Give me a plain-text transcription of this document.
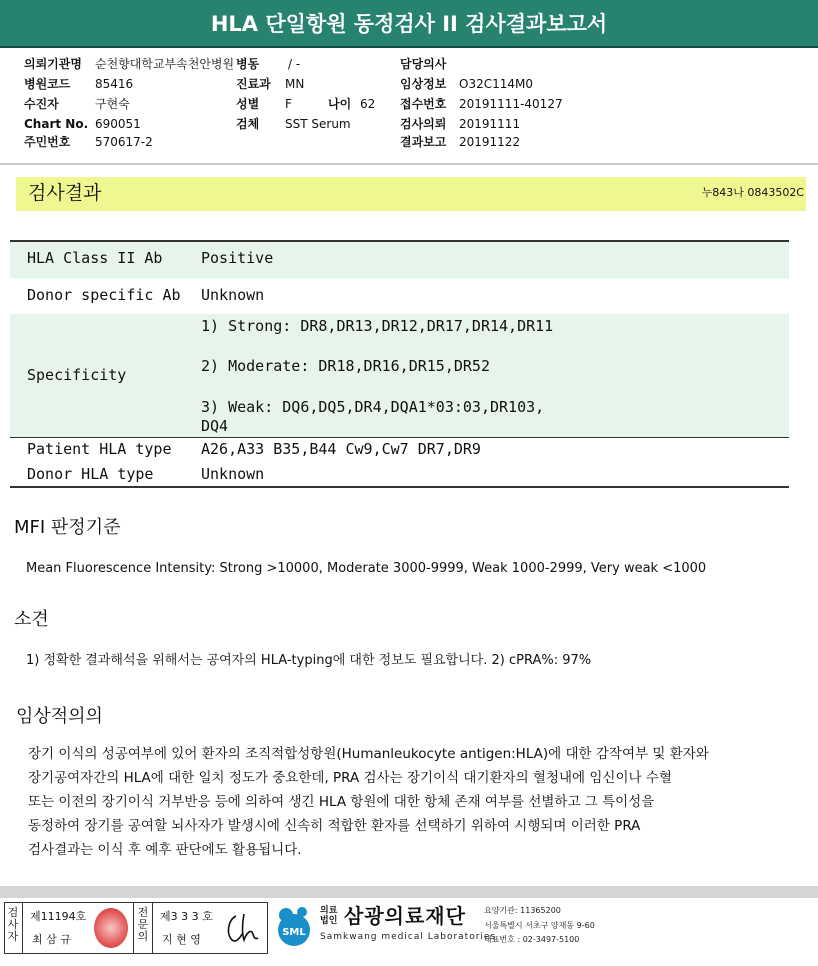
HLA 단일항원 동정검사 II 검사결과보고서
의뢰기관명 순천향대학교부속천안병원 병동 / -	담당의사
병원코드 85416	진료과 MN	임상정보 O32C114M0
수진자	구현숙	성별 F	나이 62 접수번호 20191111-40127
Chart No. 690051	검체 SST Serum	검사의뢰 20191111
주민번호 570617-2	결과보고 20191122
검사결과	누843나 0843502C
HLA Class II Ab	Positive
Donor specific Ab Unknown
Specificity
1) Strong: DR8,DR13,DR12,DR17,DR14,DR11
2) Moderate: DR18,DR16,DR15,DR52
3) Weak: DQ6,DQ5,DR4,DQA1*03:03,DR103,
DQ4
Patient HLA type A26,A33 B35,B44 Cw9,Cw7 DR7,DR9
Donor HLA type	Unknown
MFI 판정기준
Mean Fluorescence Intensity: Strong >10000, Moderate 3000-9999, Weak 1000-2999, Very weak <1000
소견
1) 정확한 결과해석을 위해서는 공여자의 HLA-typing에 대한 정보도 필요합니다. 2) cPRA%: 97%
임상적의의
장기 이식의 성공여부에 있어 환자의 조직적합성항원(Humanleukocyte antigen:HLA)에 대한 감작여부 및 환자와
장기공여자간의 HLA에 대한 일치 정도가 중요한데, PRA 검사는 장기이식 대기환자의 혈청내에 임신이나 수혈
또는 이전의 장기이식 거부반응 등에 의하여 생긴 HLA 항원에 대한 항체 존재 여부를 선별하고 그 특이성을
동정하여 장기를 공여할 뇌사자가 발생시에 신속히 적합한 환자를 선택하기 위하여 시행되며 이러한 PRA
검사결과는 이식 후 예후 판단에도 활용됩니다.
검
사
자
제11194호
최 삼 규
전
문
의
제3 3 3 호
지 현 영
SML
의료
법인 삼광의료재단
Samkwang medical Laboratories
요양기관: 11365200
서울특별시 서초구 양재동 9-60
대표번호 : 02-3497-5100
